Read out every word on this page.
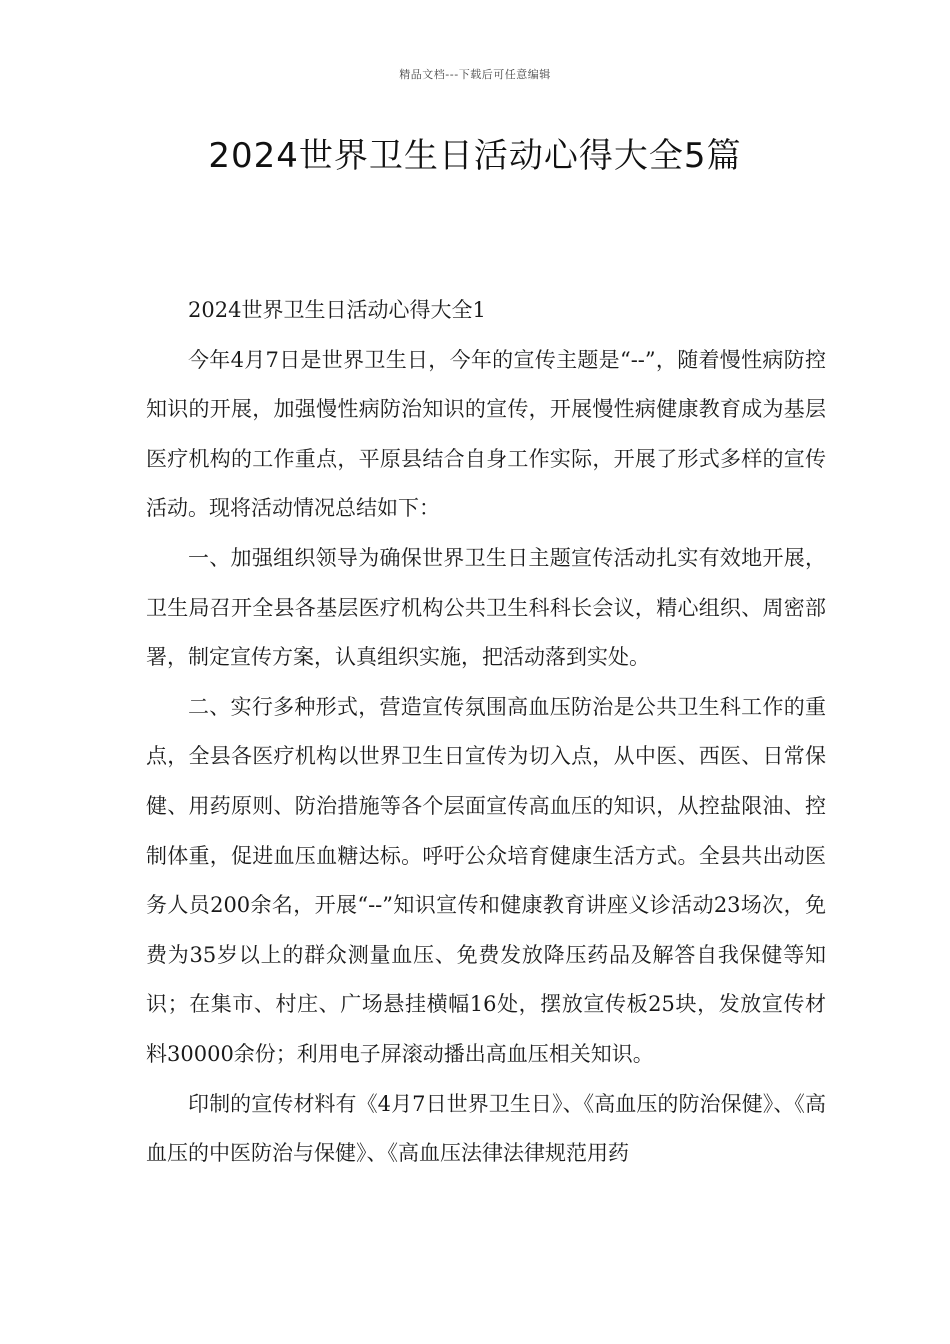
精品文档---下载后可任意编辑
2024世界卫生日活动心得大全5篇

2024世界卫生日活动心得大全1

今年4月7日是世界卫生日，今年的宣传主题是“--”，随着慢性病防控知识的开展，加强慢性病防治知识的宣传，开展慢性病健康教育成为基层医疗机构的工作重点，平原县结合自身工作实际，开展了形式多样的宣传活动。现将活动情况总结如下：

一、加强组织领导为确保世界卫生日主题宣传活动扎实有效地开展，卫生局召开全县各基层医疗机构公共卫生科科长会议，精心组织、周密部署，制定宣传方案，认真组织实施，把活动落到实处。

二、实行多种形式，营造宣传氛围高血压防治是公共卫生科工作的重点，全县各医疗机构以世界卫生日宣传为切入点，从中医、西医、日常保健、用药原则、防治措施等各个层面宣传高血压的知识，从控盐限油、控制体重，促进血压血糖达标。呼吁公众培育健康生活方式。全县共出动医务人员200余名，开展“--”知识宣传和健康教育讲座义诊活动23场次，免费为35岁以上的群众测量血压、免费发放降压药品及解答自我保健等知识；在集市、村庄、广场悬挂横幅16处，摆放宣传板25块，发放宣传材料30000余份；利用电子屏滚动播出高血压相关知识。

印制的宣传材料有《4月7日世界卫生日》、《高血压的防治保健》、《高血压的中医防治与保健》、《高血压法律法律规范用药
